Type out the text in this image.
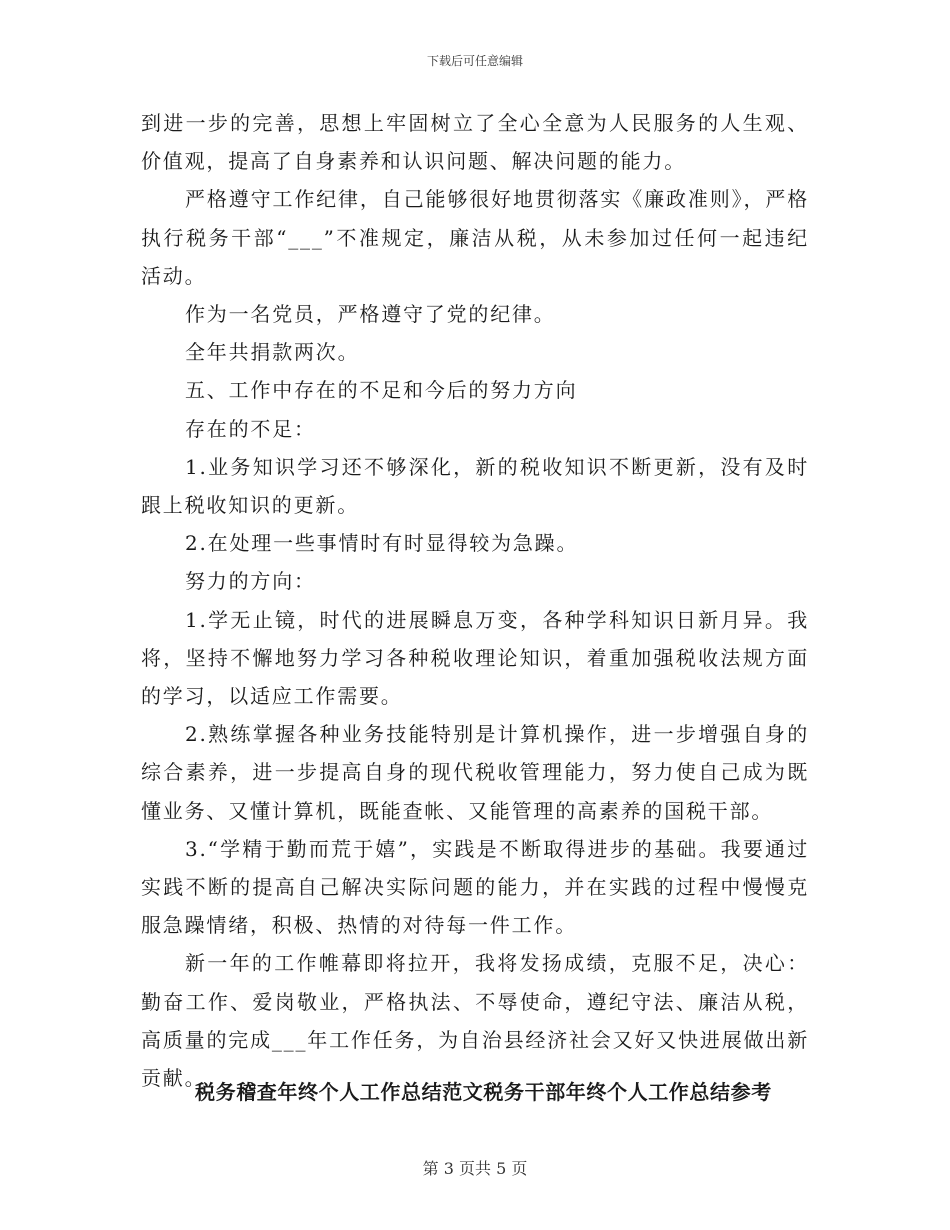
下载后可任意编辑

到进一步的完善，思想上牢固树立了全心全意为人民服务的人生观、价值观，提高了自身素养和认识问题、解决问题的能力。

严格遵守工作纪律，自己能够很好地贯彻落实《廉政准则》，严格执行税务干部“___”不准规定，廉洁从税，从未参加过任何一起违纪活动。

作为一名党员，严格遵守了党的纪律。

全年共捐款两次。

五、工作中存在的不足和今后的努力方向

存在的不足：

1.业务知识学习还不够深化，新的税收知识不断更新，没有及时跟上税收知识的更新。

2.在处理一些事情时有时显得较为急躁。

努力的方向：

1.学无止镜，时代的进展瞬息万变，各种学科知识日新月异。我将，坚持不懈地努力学习各种税收理论知识，着重加强税收法规方面的学习，以适应工作需要。

2.熟练掌握各种业务技能特别是计算机操作，进一步增强自身的综合素养，进一步提高自身的现代税收管理能力，努力使自己成为既懂业务、又懂计算机，既能查帐、又能管理的高素养的国税干部。

3.“学精于勤而荒于嬉”，实践是不断取得进步的基础。我要通过实践不断的提高自己解决实际问题的能力，并在实践的过程中慢慢克服急躁情绪，积极、热情的对待每一件工作。

新一年的工作帷幕即将拉开，我将发扬成绩，克服不足，决心：勤奋工作、爱岗敬业，严格执法、不辱使命，遵纪守法、廉洁从税，高质量的完成___年工作任务，为自治县经济社会又好又快进展做出新贡献。

税务稽查年终个人工作总结范文税务干部年终个人工作总结参考
第 3 页共 5 页
